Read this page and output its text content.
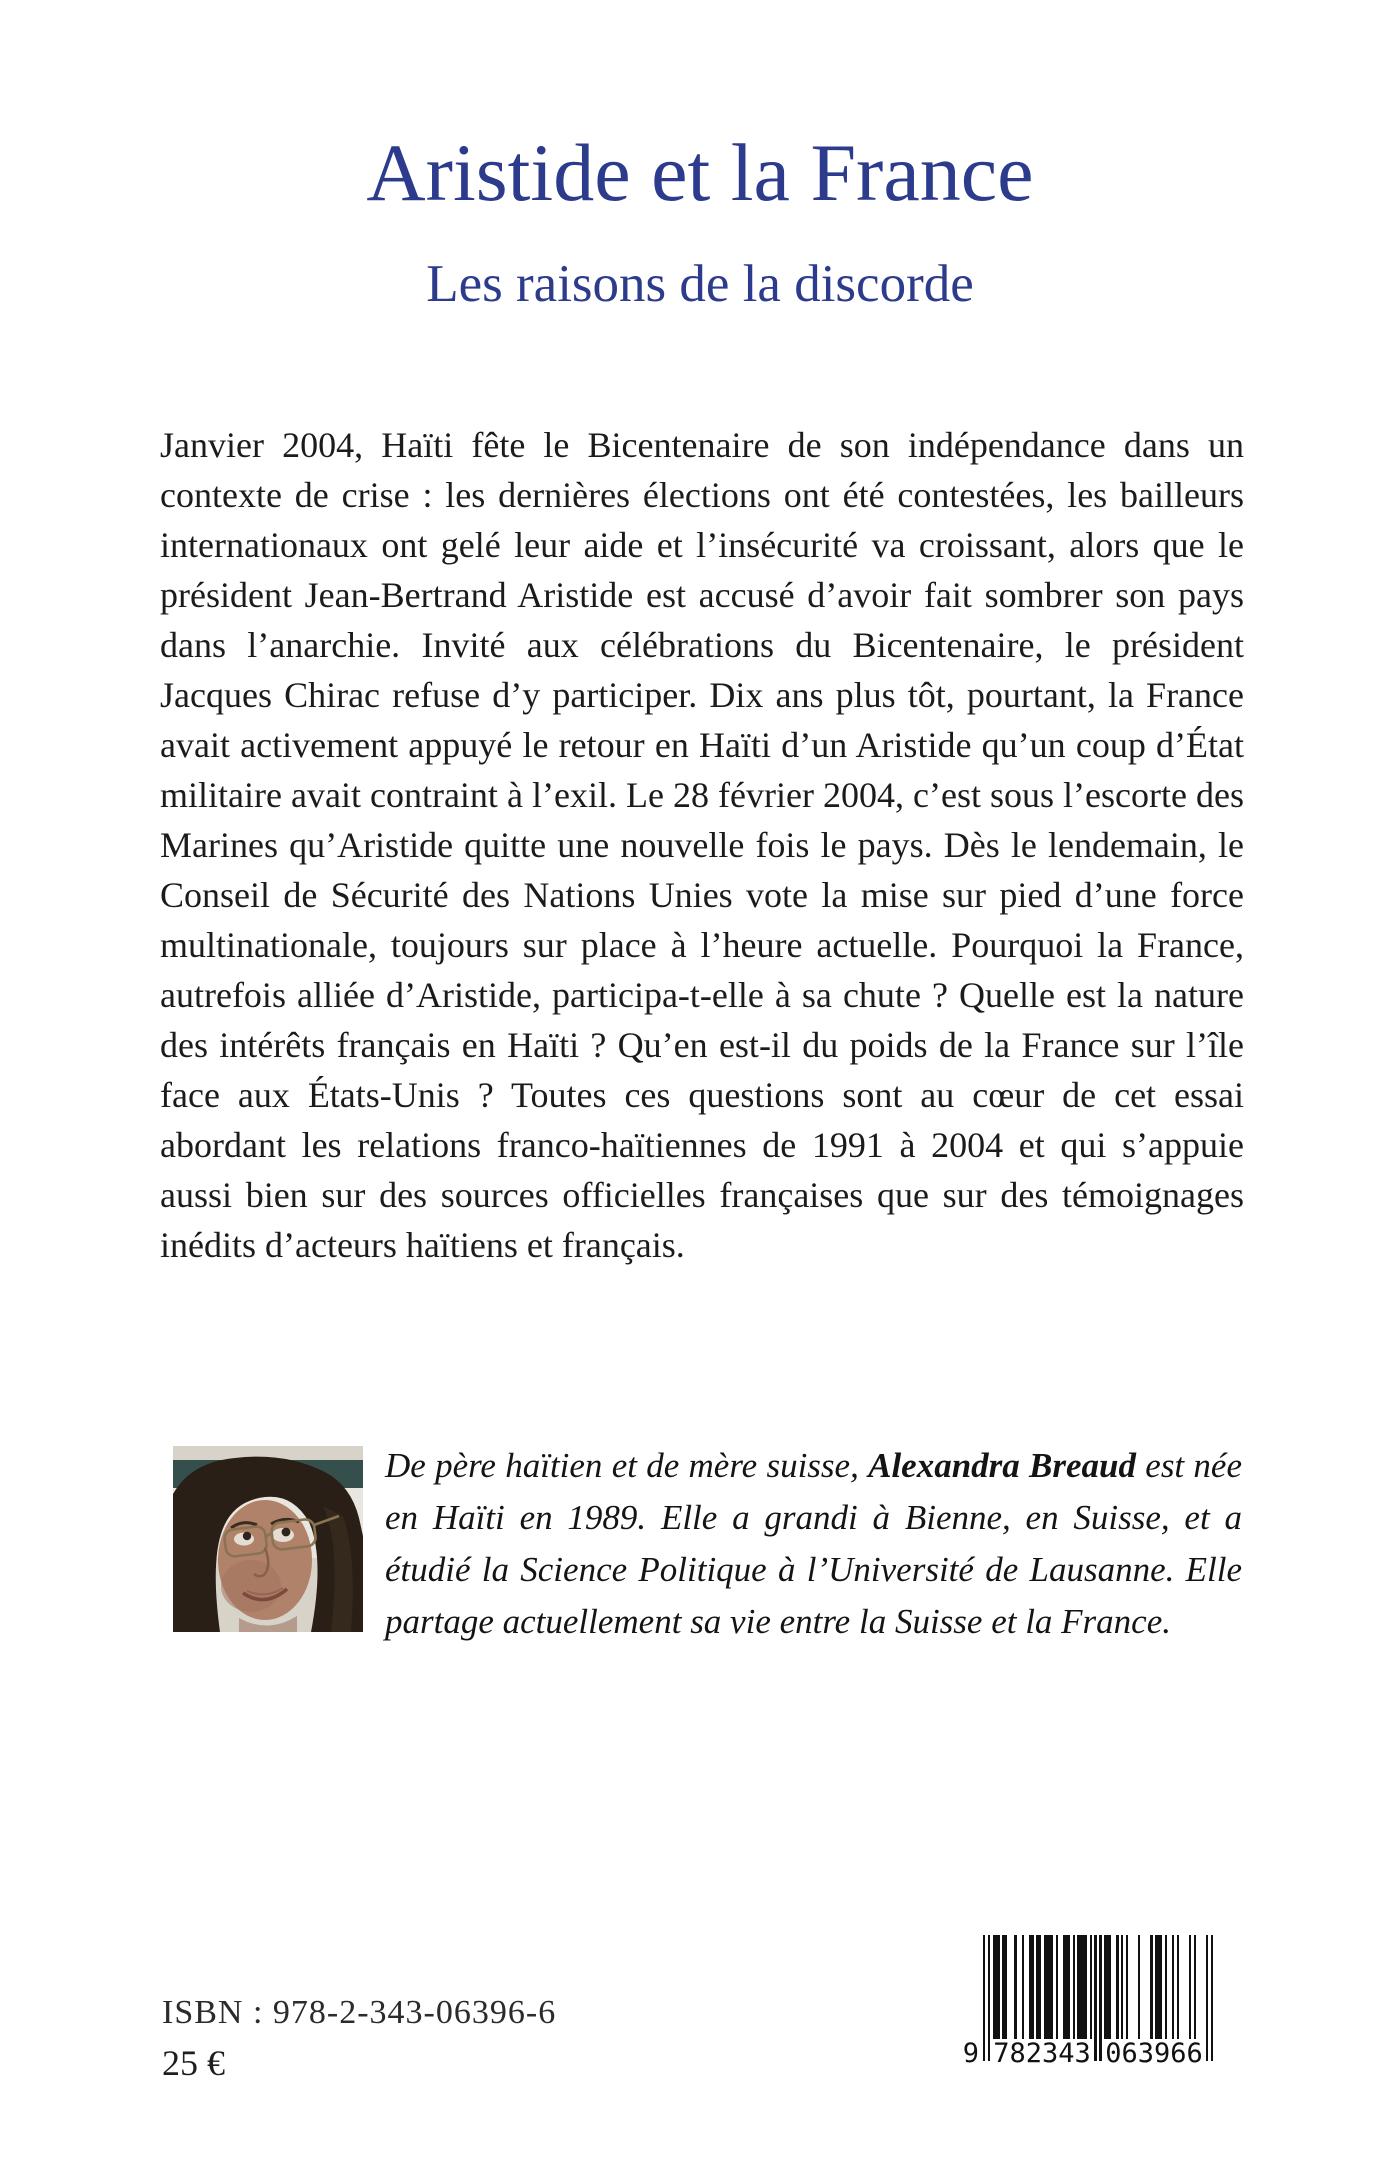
Aristide et la France
Les raisons de la discorde
Janvier 2004, Haïti fête le Bicentenaire de son indépendance dans un contexte de crise : les dernières élections ont été contestées, les bailleurs internationaux ont gelé leur aide et l’insécurité va croissant, alors que le président Jean-Bertrand Aristide est accusé d’avoir fait sombrer son pays dans l’anarchie. Invité aux célébrations du Bicentenaire, le président Jacques Chirac refuse d’y participer. Dix ans plus tôt, pourtant, la France avait activement appuyé le retour en Haïti d’un Aristide qu’un coup d’État militaire avait contraint à l’exil. Le 28 février 2004, c’est sous l’escorte des Marines qu’Aristide quitte une nouvelle fois le pays. Dès le lendemain, le Conseil de Sécurité des Nations Unies vote la mise sur pied d’une force multinationale, toujours sur place à l’heure actuelle. Pourquoi la France, autrefois alliée d’Aristide, participa-t-elle à sa chute ? Quelle est la nature des intérêts français en Haïti ? Qu’en est-il du poids de la France sur l’île face aux États-Unis ? Toutes ces questions sont au cœur de cet essai abordant les relations franco-haïtiennes de 1991 à 2004 et qui s’appuie aussi bien sur des sources officielles françaises que sur des témoignages inédits d’acteurs haïtiens et français.
De père haïtien et de mère suisse, Alexandra Breaud est née en Haïti en 1989. Elle a grandi à Bienne, en Suisse, et a étudié la Science Politique à l’Université de Lausanne. Elle partage actuellement sa vie entre la Suisse et la France.
ISBN : 978-2-343-06396-6
25 €	9 782343 063966
